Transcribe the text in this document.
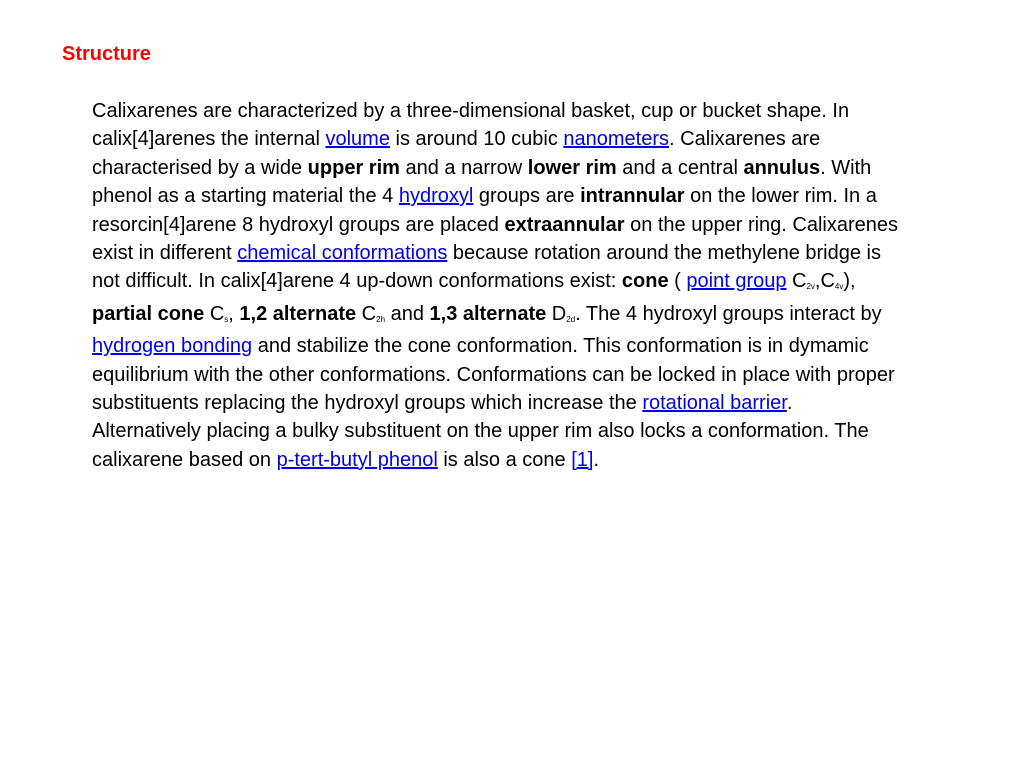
Structure

Calixarenes are characterized by a three-dimensional basket, cup or bucket shape. In calix[4]arenes the internal volume is around 10 cubic nanometers. Calixarenes are characterised by a wide upper rim and a narrow lower rim and a central annulus. With phenol as a starting material the 4 hydroxyl groups are intrannular on the lower rim. In a resorcin[4]arene 8 hydroxyl groups are placed extraannular on the upper ring. Calixarenes exist in different chemical conformations because rotation around the methylene bridge is not difficult. In calix[4]arene 4 up-down conformations exist: cone ( point group $C_{2v},C_{4v}$), partial cone $C_s$, 1,2 alternate $C_{2h}$ and 1,3 alternate $D_{2d}$. The 4 hydroxyl groups interact by hydrogen bonding and stabilize the cone conformation. This conformation is in dymamic equilibrium with the other conformations. Conformations can be locked in place with proper substituents replacing the hydroxyl groups which increase the rotational barrier. Alternatively placing a bulky substituent on the upper rim also locks a conformation. The calixarene based on p-tert-butyl phenol is also a cone [1].
